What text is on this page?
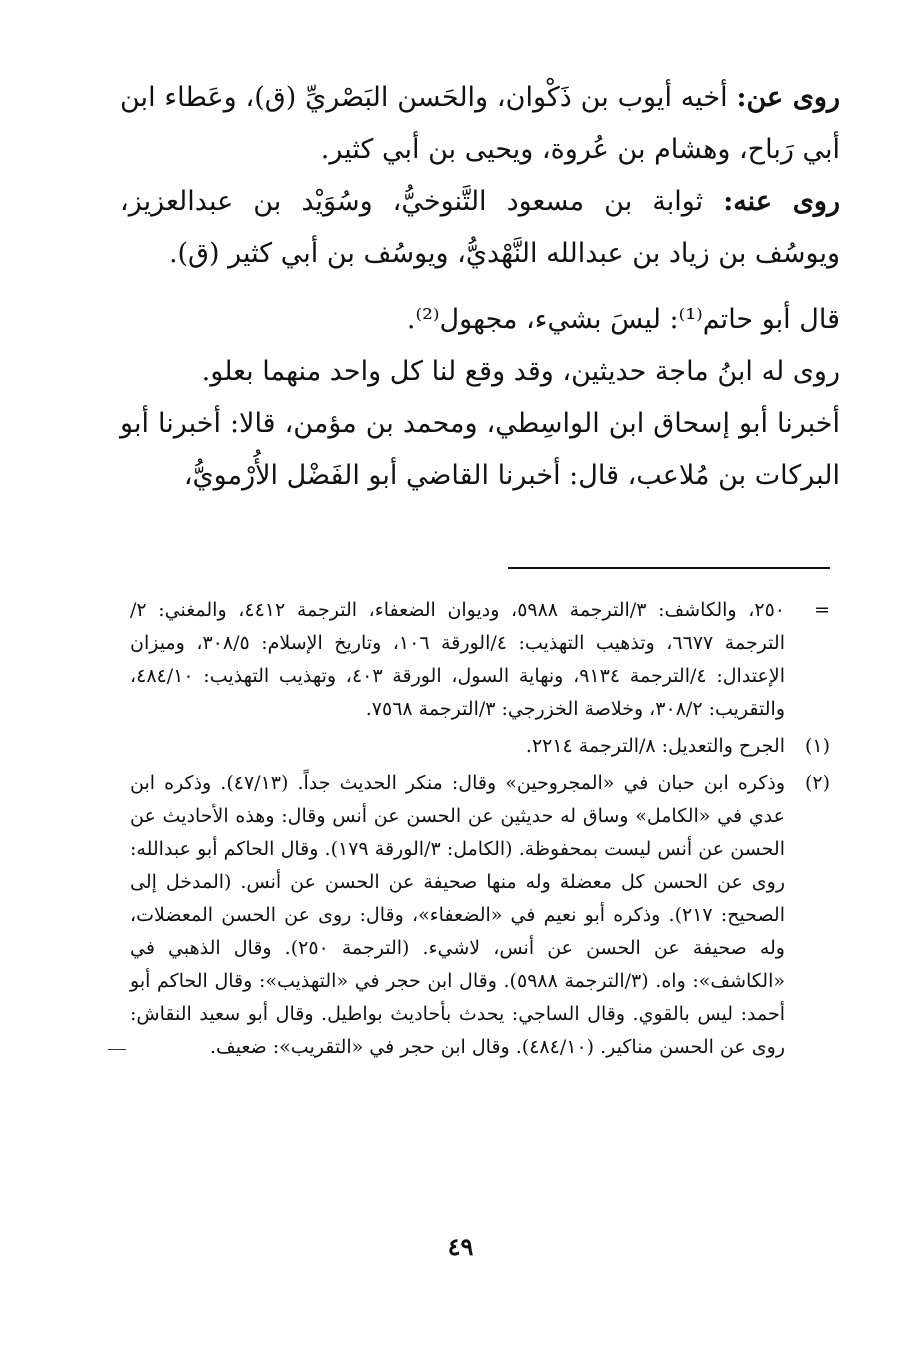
روى عن: أخيه أيوب بن ذَكْوان، والحَسن البَصْريِّ (ق)، وعَطاء ابن أبي رَباح، وهشام بن عُروة، ويحيى بن أبي كثير.

روى عنه: ثوابة بن مسعود التَّنوخيُّ، وسُوَيْد بن عبدالعزيز، ويوسُف بن زياد بن عبدالله النَّهْديُّ، ويوسُف بن أبي كثير (ق).

قال أبو حاتم⁽¹⁾: ليسَ بشيء، مجهول⁽²⁾.

روى له ابنُ ماجة حديثين، وقد وقع لنا كل واحد منهما بعلو.

أخبرنا أبو إسحاق ابن الواسِطي، ومحمد بن مؤمن، قالا: أخبرنا أبو البركات بن مُلاعب، قال: أخبرنا القاضي أبو الفَضْل الأُرْمويُّ،

=
٢٥٠، والكاشف: ٣/الترجمة ٥٩٨٨، وديوان الضعفاء، الترجمة ٤٤١٢، والمغني: ٢/الترجمة ٦٦٧٧، وتذهيب التهذيب: ٤/الورقة ١٠٦، وتاريخ الإسلام: ٣٠٨/٥، وميزان الإعتدال: ٤/الترجمة ٩١٣٤، ونهاية السول، الورقة ٤٠٣، وتهذيب التهذيب: ٤٨٤/١٠، والتقريب: ٣٠٨/٢، وخلاصة الخزرجي: ٣/الترجمة ٧٥٦٨.
(١)
الجرح والتعديل: ٨/الترجمة ٢٢١٤.
(٢)
وذكره ابن حبان في «المجروحين» وقال: منكر الحديث جداً. (٤٧/١٣). وذكره ابن عدي في «الكامل» وساق له حديثين عن الحسن عن أنس وقال: وهذه الأحاديث عن الحسن عن أنس ليست بمحفوظة. (الكامل: ٣/الورقة ١٧٩). وقال الحاكم أبو عبدالله: روى عن الحسن كل معضلة وله منها صحيفة عن الحسن عن أنس. (المدخل إلى الصحيح: ٢١٧). وذكره أبو نعيم في «الضعفاء»، وقال: روى عن الحسن المعضلات، وله صحيفة عن الحسن عن أنس، لاشيء. (الترجمة ٢٥٠). وقال الذهبي في «الكاشف»: واه. (٣/الترجمة ٥٩٨٨). وقال ابن حجر في «التهذيب»: وقال الحاكم أبو أحمد: ليس بالقوي. وقال الساجي: يحدث بأحاديث بواطيل. وقال أبو سعيد النقاش: روى عن الحسن مناكير. (٤٨٤/١٠). وقال ابن حجر في «التقريب»: ضعيف.
٤٩
